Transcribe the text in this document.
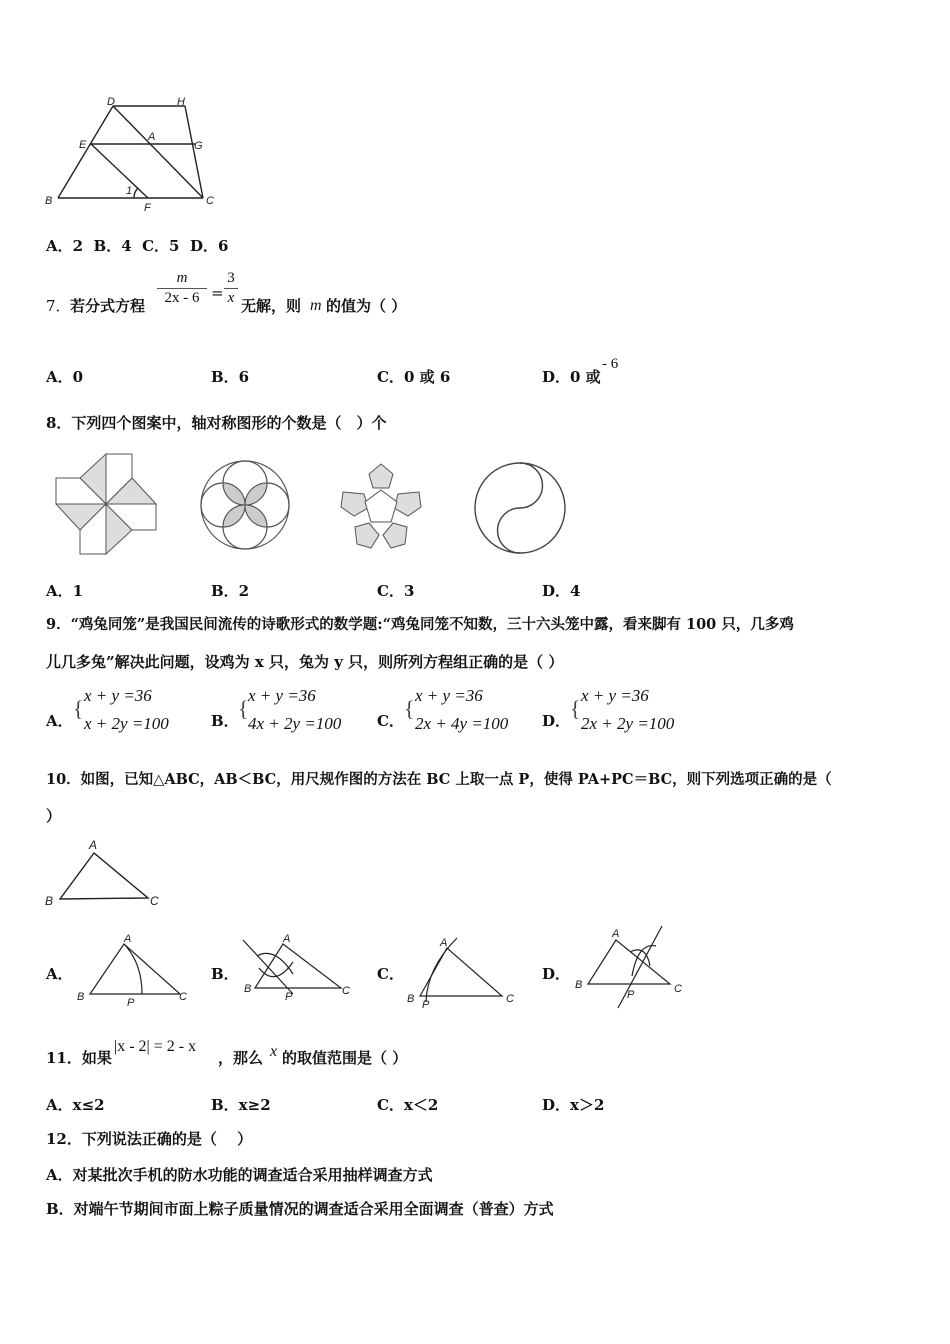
D	H
E
A
G
B
1
F
C
A．2 B．4 C．5 D．6
7． 若分式方程
m
2x - 6 =
3
x 无解，则 m 的值为（ ）
A．0	B．6	C．0 或 6	D．0 或
- 6
8．下列四个图案中，轴对称图形的个数是（　）个
A．1	B．2	C．3	D．4
9．“鸡兔同笼”是我国民间流传的诗歌形式的数学题:“鸡兔同笼不知数，三十六头笼中露，看来脚有 100 只，几多鸡
儿几多兔”解决此问题，设鸡为 x 只，兔为 y 只，则所列方程组正确的是（ ）
A． {
x + y =36
x + 2y =100	B． {
x + y =36
4x + 2y =100 C． {
x + y =36
2x + 4y =100 D． {
x + y =36
2x + 2y =100
10．如图，已知△ABC，AB＜BC，用尺规作图的方法在 BC 上取一点 P，使得 PA+PC＝BC，则下列选项正确的是（
）
A
B	C
A．
A
B	P	C
B．
A
B
P	C
C．
A
B P	C
D．
A
B
P	C
11．如果
|x - 2| = 2 - x
，那么 x 的取值范围是（ ）
A．x≤2	B．x≥2	C．x＜2	D．x＞2
12．下列说法正确的是（　 ）
A．对某批次手机的防水功能的调查适合采用抽样调查方式
B．对端午节期间市面上粽子质量情况的调查适合采用全面调查（普查）方式
